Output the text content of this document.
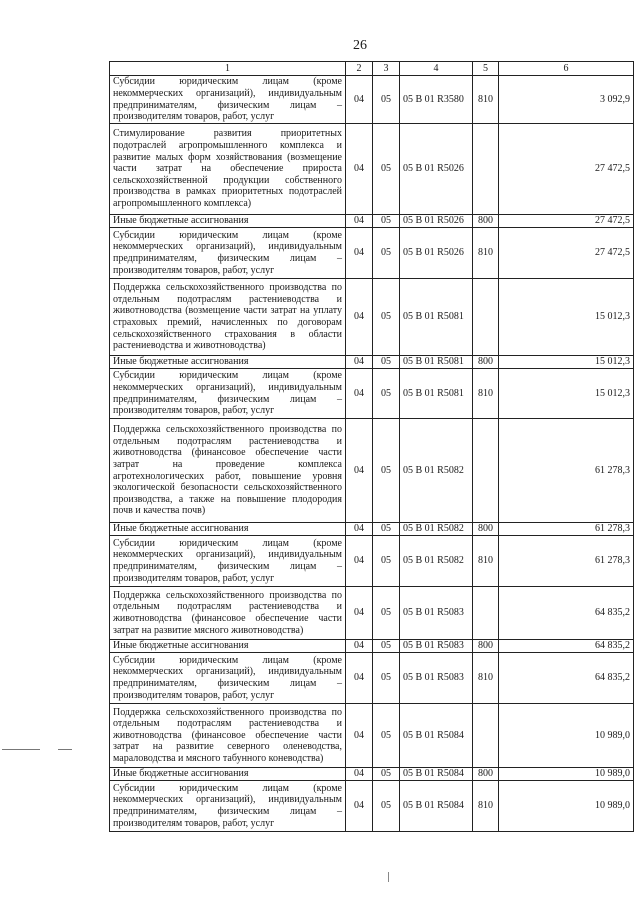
26
1	2	3	4	5	6
Субсидии юридическим лицам (кроме некоммерческих организаций), индивидуальным предпринимателям, физическим лицам – производителям товаров, работ, услуг	04	05	05 В 01 R3580	810	3 092,9
Стимулирование развития приоритетных подотраслей агропромышленного комплекса и развитие малых форм хозяйствования (возмещение части затрат на обеспечение прироста сельскохозяйственной продукции собственного производства в рамках приоритетных подотраслей агропромышленного комплекса)	04	05	05 В 01 R5026		27 472,5
Иные бюджетные ассигнования	04	05	05 В 01 R5026	800	27 472,5
Субсидии юридическим лицам (кроме некоммерческих организаций), индивидуальным предпринимателям, физическим лицам – производителям товаров, работ, услуг	04	05	05 В 01 R5026	810	27 472,5
Поддержка сельскохозяйственного производства по отдельным подотраслям растениеводства и животноводства (возмещение части затрат на уплату страховых премий, начисленных по договорам сельскохозяйственного страхования в области растениеводства и животноводства)	04	05	05 В 01 R5081		15 012,3
Иные бюджетные ассигнования	04	05	05 В 01 R5081	800	15 012,3
Субсидии юридическим лицам (кроме некоммерческих организаций), индивидуальным предпринимателям, физическим лицам – производителям товаров, работ, услуг	04	05	05 В 01 R5081	810	15 012,3
Поддержка сельскохозяйственного производства по отдельным подотраслям растениеводства и животноводства (финансовое обеспечение части затрат на проведение комплекса агротехнологических работ, повышение уровня экологической безопасности сельскохозяйственного производства, а также на повышение плодородия почв и качества почв)	04	05	05 В 01 R5082		61 278,3
Иные бюджетные ассигнования	04	05	05 В 01 R5082	800	61 278,3
Субсидии юридическим лицам (кроме некоммерческих организаций), индивидуальным предпринимателям, физическим лицам – производителям товаров, работ, услуг	04	05	05 В 01 R5082	810	61 278,3
Поддержка сельскохозяйственного производства по отдельным подотраслям растениеводства и животноводства (финансовое обеспечение части затрат на развитие мясного животноводства)	04	05	05 В 01 R5083		64 835,2
Иные бюджетные ассигнования	04	05	05 В 01 R5083	800	64 835,2
Субсидии юридическим лицам (кроме некоммерческих организаций), индивидуальным предпринимателям, физическим лицам – производителям товаров, работ, услуг	04	05	05 В 01 R5083	810	64 835,2
Поддержка сельскохозяйственного производства по отдельным подотраслям растениеводства и животноводства (финансовое обеспечение части затрат на развитие северного оленеводства, мараловодства и мясного табунного коневодства)	04	05	05 В 01 R5084		10 989,0
Иные бюджетные ассигнования	04	05	05 В 01 R5084	800	10 989,0
Субсидии юридическим лицам (кроме некоммерческих организаций), индивидуальным предпринимателям, физическим лицам – производителям товаров, работ, услуг	04	05	05 В 01 R5084	810	10 989,0
